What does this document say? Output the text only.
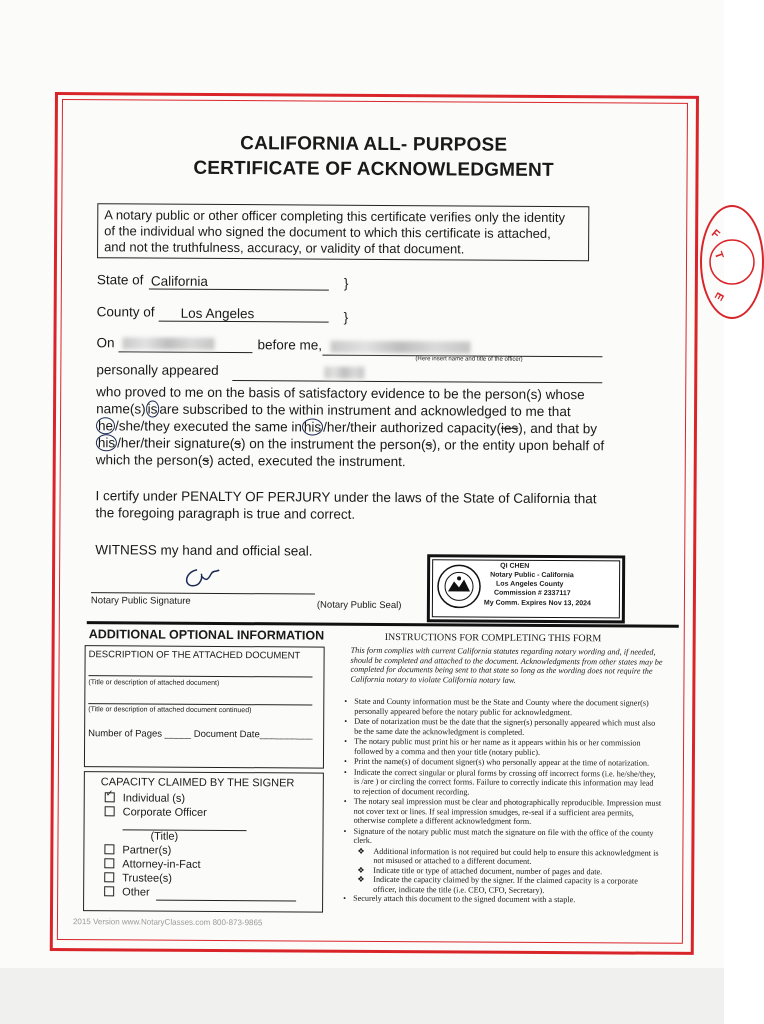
F
T
E
CALIFORNIA ALL- PURPOSE
CERTIFICATE OF ACKNOWLEDGMENT
A notary public or other officer completing this certificate verifies only the identity
of the individual who signed the document to which this certificate is attached,
and not the truthfulness, accuracy, or validity of that document.
State of California	}
County of	Los Angeles	}
On	before me,
(Here insert name and title of the officer)
personally appeared
who proved to me on the basis of satisfactory evidence to be the person(s) whose
name(s) is are subscribed to the within instrument and acknowledged to me that
he /she/they executed the same in his /her/their authorized capacity(ies), and that by
his /her/their signature(s) on the instrument the person(s), or the entity upon behalf of
which the person(s) acted, executed the instrument.
I certify under PENALTY OF PERJURY under the laws of the State of California that
the foregoing paragraph is true and correct.
WITNESS my hand and official seal.
Notary Public Signature	(Notary Public Seal)
QI CHEN
Notary Public - California
Los Angeles County
Commission # 2337117
My Comm. Expires Nov 13, 2024
ADDITIONAL OPTIONAL INFORMATION
DESCRIPTION OF THE ATTACHED DOCUMENT
(Title or description of attached document)
(Title or description of attached document continued)
Number of Pages _____ Document Date__________
CAPACITY CLAIMED BY THE SIGNER
✓Individual (s)
Corporate Officer
(Title)
Partner(s)
Attorney-in-Fact
Trustee(s)
Other
2015 Version www.NotaryClasses.com 800-873-9865
INSTRUCTIONS FOR COMPLETING THIS FORM
This form complies with current California statutes regarding notary wording and, if needed, should be completed and attached to the document. Acknowledgments from other states may be completed for documents being sent to that state so long as the wording does not require the California notary to violate California notary law.
• State and County information must be the State and County where the document signer(s) personally appeared before the notary public for acknowledgment.
• Date of notarization must be the date that the signer(s) personally appeared which must also be the same date the acknowledgment is completed.
• The notary public must print his or her name as it appears within his or her commission followed by a comma and then your title (notary public).
• Print the name(s) of document signer(s) who personally appear at the time of notarization.
• Indicate the correct singular or plural forms by crossing off incorrect forms (i.e. he/she/they, is /are ) or circling the correct forms. Failure to correctly indicate this information may lead to rejection of document recording.
• The notary seal impression must be clear and photographically reproducible. Impression must not cover text or lines. If seal impression smudges, re-seal if a sufficient area permits, otherwise complete a different acknowledgment form.
• Signature of the notary public must match the signature on file with the office of the county clerk.
❖ Additional information is not required but could help to ensure this acknowledgment is not misused or attached to a different document.
❖ Indicate title or type of attached document, number of pages and date.
❖ Indicate the capacity claimed by the signer. If the claimed capacity is a corporate officer, indicate the title (i.e. CEO, CFO, Secretary).
• Securely attach this document to the signed document with a staple.
